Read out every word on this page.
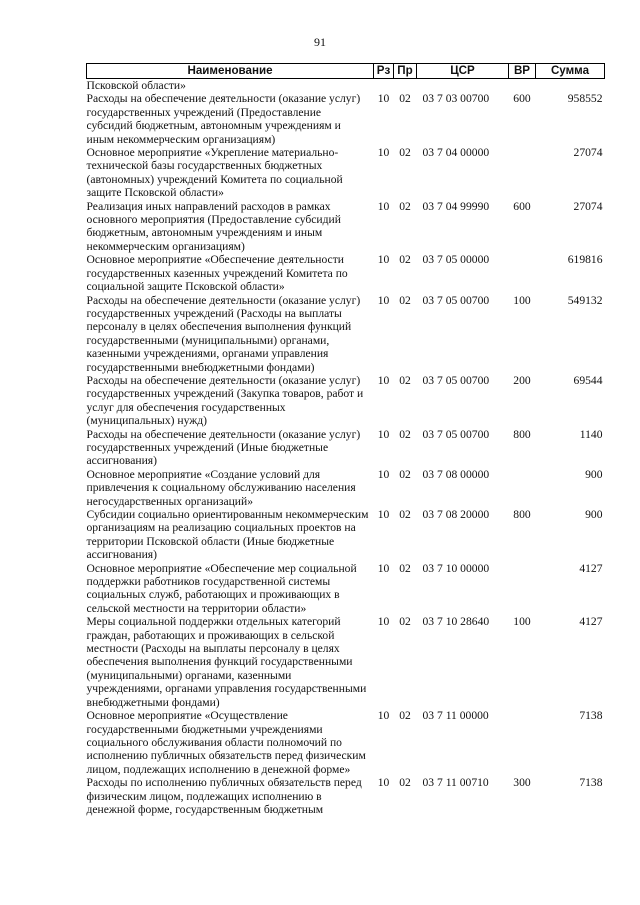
91
Наименование	Рз	Пр	ЦСР	ВР	Сумма
Псковской области»					
Расходы на обеспечение деятельности (оказание услуг) государственных учреждений (Предоставление субсидий бюджетным, автономным учреждениям и иным некоммерческим организациям)	10	02	03 7 03 00700	600	958552
Основное мероприятие «Укрепление материально-технической базы государственных бюджетных (автономных) учреждений Комитета по социальной защите Псковской области»	10	02	03 7 04 00000		27074
Реализация иных направлений расходов в рамках основного мероприятия (Предоставление субсидий бюджетным, автономным учреждениям и иным некоммерческим организациям)	10	02	03 7 04 99990	600	27074
Основное мероприятие «Обеспечение деятельности государственных казенных учреждений Комитета по социальной защите Псковской области»	10	02	03 7 05 00000		619816
Расходы на обеспечение деятельности (оказание услуг) государственных учреждений (Расходы на выплаты персоналу в целях обеспечения выполнения функций государственными (муниципальными) органами, казенными учреждениями, органами управления государственными внебюджетными фондами)	10	02	03 7 05 00700	100	549132
Расходы на обеспечение деятельности (оказание услуг) государственных учреждений (Закупка товаров, работ и услуг для обеспечения государственных (муниципальных) нужд)	10	02	03 7 05 00700	200	69544
Расходы на обеспечение деятельности (оказание услуг) государственных учреждений (Иные бюджетные ассигнования)	10	02	03 7 05 00700	800	1140
Основное мероприятие «Создание условий для привлечения к социальному обслуживанию населения негосударственных организаций»	10	02	03 7 08 00000		900
Субсидии социально ориентированным некоммерческим организациям на реализацию социальных проектов на территории Псковской области (Иные бюджетные ассигнования)	10	02	03 7 08 20000	800	900
Основное мероприятие «Обеспечение мер социальной поддержки работников государственной системы социальных служб, работающих и проживающих в сельской местности на территории области»	10	02	03 7 10 00000		4127
Меры социальной поддержки отдельных категорий граждан, работающих и проживающих в сельской местности (Расходы на выплаты персоналу в целях обеспечения выполнения функций государственными (муниципальными) органами, казенными учреждениями, органами управления государственными внебюджетными фондами)	10	02	03 7 10 28640	100	4127
Основное мероприятие «Осуществление государственными бюджетными учреждениями социального обслуживания области полномочий по исполнению публичных обязательств перед физическим лицом, подлежащих исполнению в денежной форме»	10	02	03 7 11 00000		7138
Расходы по исполнению публичных обязательств перед физическим лицом, подлежащих исполнению в денежной форме, государственным бюджетным	10	02	03 7 11 00710	300	7138
